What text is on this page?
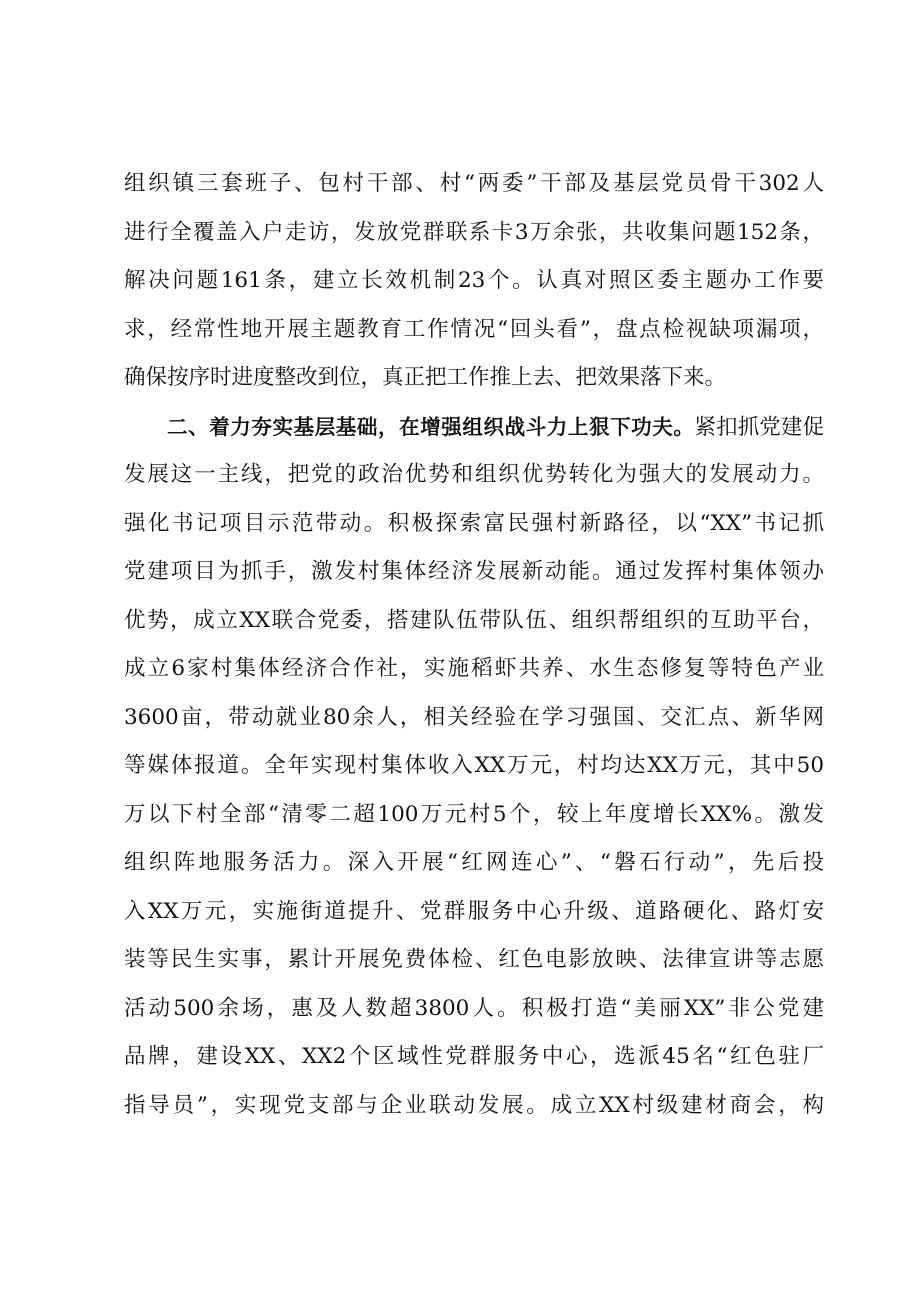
组织镇三套班子、包村干部、村“两委”干部及基层党员骨干302人
进行全覆盖入户走访，发放党群联系卡3万余张，共收集问题152条，
解决问题161条，建立长效机制23个。认真对照区委主题办工作要
求，经常性地开展主题教育工作情况“回头看”，盘点检视缺项漏项，
确保按序时进度整改到位，真正把工作推上去、把效果落下来。
二、着力夯实基层基础，在增强组织战斗力上狠下功夫。紧扣抓党建促
发展这一主线，把党的政治优势和组织优势转化为强大的发展动力。
强化书记项目示范带动。积极探索富民强村新路径，以“XX”书记抓
党建项目为抓手，激发村集体经济发展新动能。通过发挥村集体领办
优势，成立XX联合党委，搭建队伍带队伍、组织帮组织的互助平台，
成立6家村集体经济合作社，实施稻虾共养、水生态修复等特色产业
3600亩，带动就业80余人，相关经验在学习强国、交汇点、新华网
等媒体报道。全年实现村集体收入XX万元，村均达XX万元，其中50
万以下村全部“清零二超100万元村5个，较上年度增长XX%。激发
组织阵地服务活力。深入开展“红网连心”、“磐石行动”，先后投
入XX万元，实施街道提升、党群服务中心升级、道路硬化、路灯安
装等民生实事，累计开展免费体检、红色电影放映、法律宣讲等志愿
活动500余场，惠及人数超3800人。积极打造“美丽XX”非公党建
品牌，建设XX、XX2个区域性党群服务中心，选派45名“红色驻厂
指导员”，实现党支部与企业联动发展。成立XX村级建材商会，构
